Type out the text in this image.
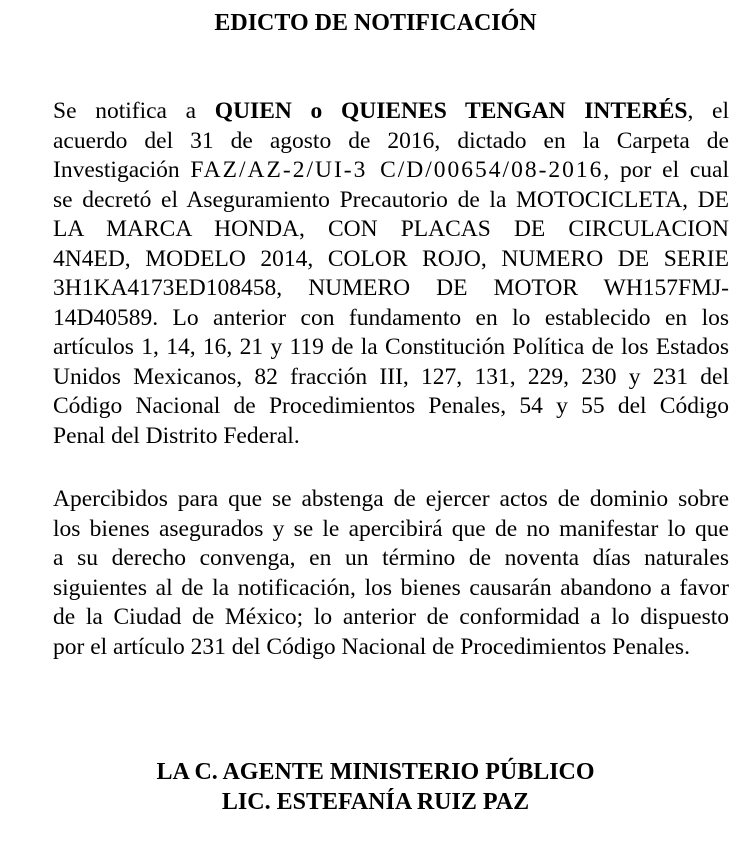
EDICTO DE NOTIFICACIÓN
Se notifica a QUIEN o QUIENES TENGAN INTERÉS, el
acuerdo del 31 de agosto de 2016, dictado en la Carpeta de
Investigación FAZ/AZ-2/UI-3 C/D/00654/08-2016, por el cual
se decretó el Aseguramiento Precautorio de la MOTOCICLETA, DE
LA MARCA HONDA, CON PLACAS DE CIRCULACION
4N4ED, MODELO 2014, COLOR ROJO, NUMERO DE SERIE
3H1KA4173ED108458, NUMERO DE MOTOR WH157FMJ-
14D40589. Lo anterior con fundamento en lo establecido en los
artículos 1, 14, 16, 21 y 119 de la Constitución Política de los Estados
Unidos Mexicanos, 82 fracción III, 127, 131, 229, 230 y 231 del
Código Nacional de Procedimientos Penales, 54 y 55 del Código
Penal del Distrito Federal.
Apercibidos para que se abstenga de ejercer actos de dominio sobre
los bienes asegurados y se le apercibirá que de no manifestar lo que
a su derecho convenga, en un término de noventa días naturales
siguientes al de la notificación, los bienes causarán abandono a favor
de la Ciudad de México; lo anterior de conformidad a lo dispuesto
por el artículo 231 del Código Nacional de Procedimientos Penales.

LA C. AGENTE MINISTERIO PÚBLICO

LIC. ESTEFANÍA RUIZ PAZ
